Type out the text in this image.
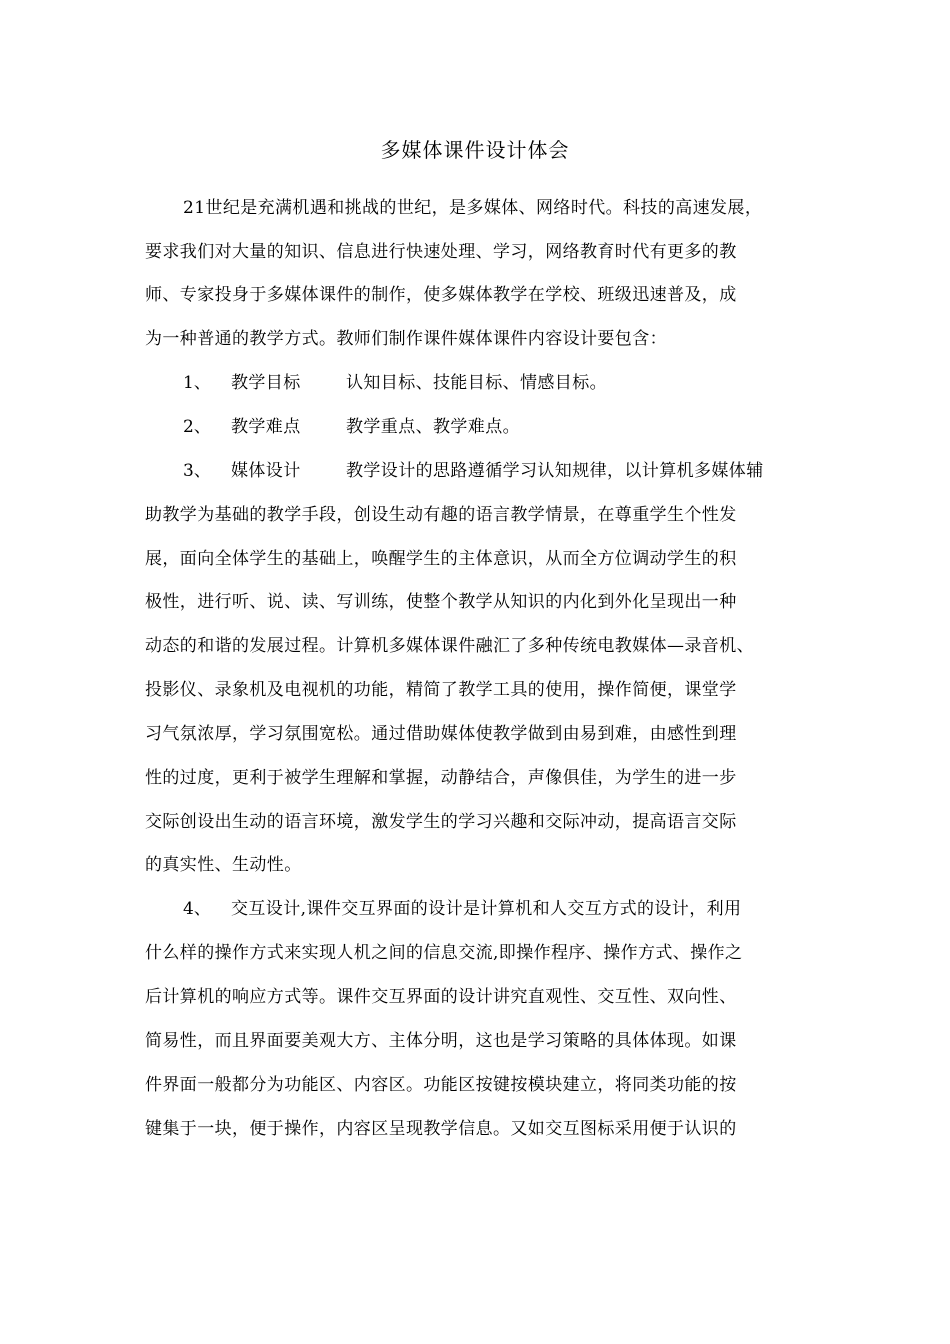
多媒体课件设计体会
21世纪是充满机遇和挑战的世纪，是多媒体、网络时代。科技的高速发展，
要求我们对大量的知识、信息进行快速处理、学习，网络教育时代有更多的教
师、专家投身于多媒体课件的制作，使多媒体教学在学校、班级迅速普及，成
为一种普通的教学方式。教师们制作课件媒体课件内容设计要包含：
1、 教学目标	认知目标、技能目标、情感目标。
2、 教学难点	教学重点、教学难点。
3、 媒体设计	教学设计的思路遵循学习认知规律，以计算机多媒体辅
助教学为基础的教学手段，创设生动有趣的语言教学情景，在尊重学生个性发
展，面向全体学生的基础上，唤醒学生的主体意识，从而全方位调动学生的积
极性，进行听、说、读、写训练，使整个教学从知识的内化到外化呈现出一种
动态的和谐的发展过程。计算机多媒体课件融汇了多种传统电教媒体—录音机、
投影仪、录象机及电视机的功能，精简了教学工具的使用，操作简便，课堂学
习气氛浓厚，学习氛围宽松。通过借助媒体使教学做到由易到难，由感性到理
性的过度，更利于被学生理解和掌握，动静结合，声像俱佳，为学生的进一步
交际创设出生动的语言环境，激发学生的学习兴趣和交际冲动，提高语言交际
的真实性、生动性。
4、 交互设计,课件交互界面的设计是计算机和人交互方式的设计，利用
什么样的操作方式来实现人机之间的信息交流,即操作程序、操作方式、操作之
后计算机的响应方式等。课件交互界面的设计讲究直观性、交互性、双向性、
简易性，而且界面要美观大方、主体分明，这也是学习策略的具体体现。如课
件界面一般都分为功能区、内容区。功能区按键按模块建立，将同类功能的按
键集于一块，便于操作，内容区呈现教学信息。又如交互图标采用便于认识的
